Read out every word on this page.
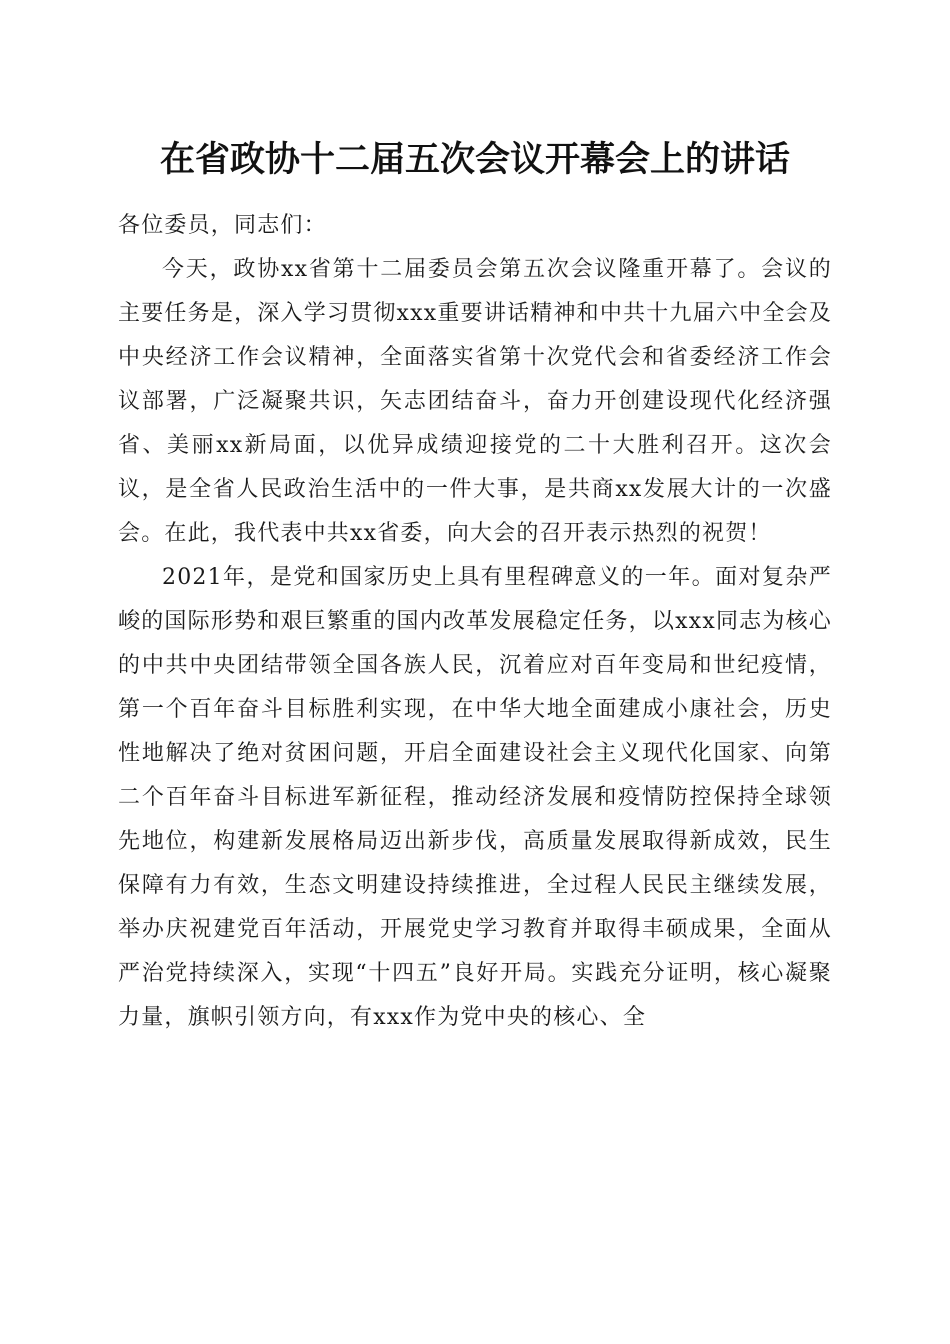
在省政协十二届五次会议开幕会上的讲话

各位委员，同志们：

今天，政协xx省第十二届委员会第五次会议隆重开幕了。会议的主要任务是，深入学习贯彻xxx重要讲话精神和中共十九届六中全会及中央经济工作会议精神，全面落实省第十次党代会和省委经济工作会议部署，广泛凝聚共识，矢志团结奋斗，奋力开创建设现代化经济强省、美丽xx新局面，以优异成绩迎接党的二十大胜利召开。这次会议，是全省人民政治生活中的一件大事，是共商xx发展大计的一次盛会。在此，我代表中共xx省委，向大会的召开表示热烈的祝贺！

2021年，是党和国家历史上具有里程碑意义的一年。面对复杂严峻的国际形势和艰巨繁重的国内改革发展稳定任务，以xxx同志为核心的中共中央团结带领全国各族人民，沉着应对百年变局和世纪疫情，第一个百年奋斗目标胜利实现，在中华大地全面建成小康社会，历史性地解决了绝对贫困问题，开启全面建设社会主义现代化国家、向第二个百年奋斗目标进军新征程，推动经济发展和疫情防控保持全球领先地位，构建新发展格局迈出新步伐，高质量发展取得新成效，民生保障有力有效，生态文明建设持续推进，全过程人民民主继续发展，举办庆祝建党百年活动，开展党史学习教育并取得丰硕成果，全面从严治党持续深入，实现“十四五”良好开局。实践充分证明，核心凝聚力量，旗帜引领方向，有xxx作为党中央的核心、全
